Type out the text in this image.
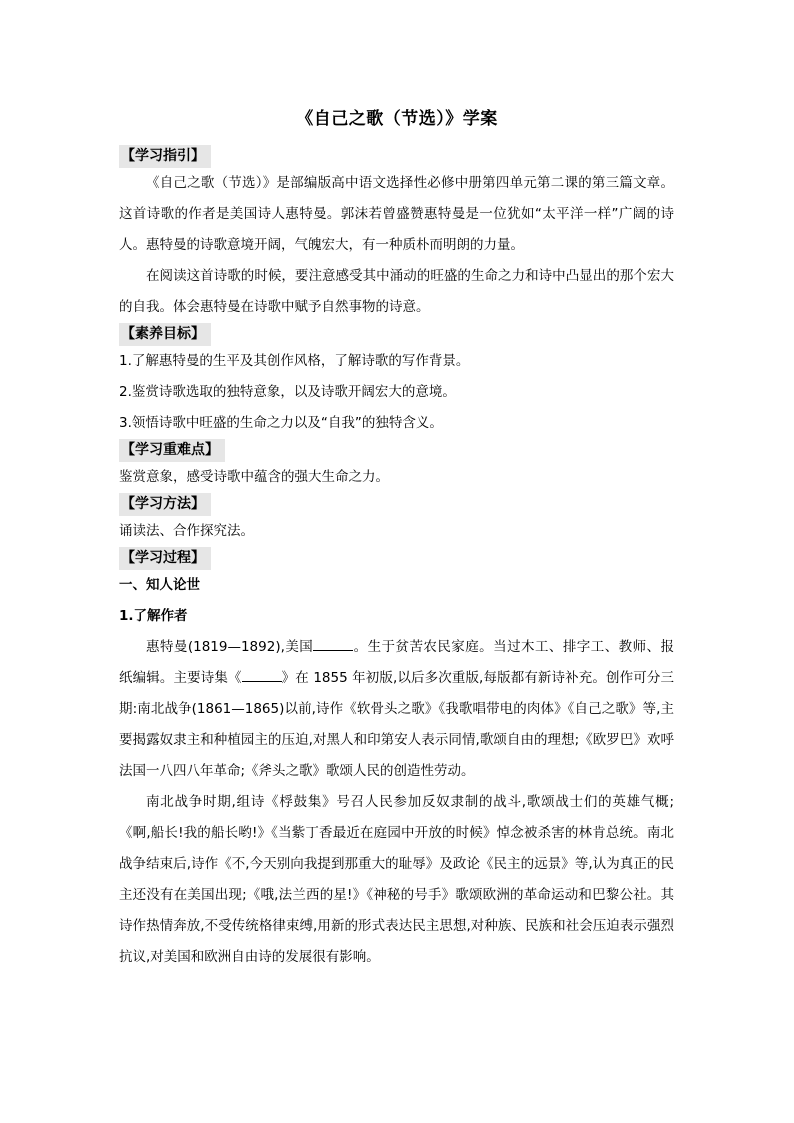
《自己之歌（节选）》学案
【学习指引】

《自己之歌（节选）》是部编版高中语文选择性必修中册第四单元第二课的第三篇文章。这首诗歌的作者是美国诗人惠特曼。郭沫若曾盛赞惠特曼是一位犹如“太平洋一样”广阔的诗人。惠特曼的诗歌意境开阔，气魄宏大，有一种质朴而明朗的力量。

在阅读这首诗歌的时候，要注意感受其中涌动的旺盛的生命之力和诗中凸显出的那个宏大的自我。体会惠特曼在诗歌中赋予自然事物的诗意。

【素养目标】

1.了解惠特曼的生平及其创作风格，了解诗歌的写作背景。

2.鉴赏诗歌选取的独特意象，以及诗歌开阔宏大的意境。

3.领悟诗歌中旺盛的生命之力以及“自我”的独特含义。

【学习重难点】

鉴赏意象，感受诗歌中蕴含的强大生命之力。

【学习方法】

诵读法、合作探究法。

【学习过程】

一、知人论世

1.了解作者

惠特曼(1819—1892),美国	。生于贫苦农民家庭。当过木工、排字工、教师、报纸编辑。主要诗集《	》在 1855 年初版,以后多次重版,每版都有新诗补充。创作可分三期:南北战争(1861—1865)以前,诗作《软骨头之歌》《我歌唱带电的肉体》《自己之歌》等,主要揭露奴隶主和种植园主的压迫,对黑人和印第安人表示同情,歌颂自由的理想;《欧罗巴》欢呼法国一八四八年革命;《斧头之歌》歌颂人民的创造性劳动。

南北战争时期,组诗《桴鼓集》号召人民参加反奴隶制的战斗,歌颂战士们的英雄气概;《啊,船长!我的船长哟!》《当紫丁香最近在庭园中开放的时候》悼念被杀害的林肯总统。南北战争结束后,诗作《不,今天别向我提到那重大的耻辱》及政论《民主的远景》等,认为真正的民主还没有在美国出现;《哦,法兰西的星!》《神秘的号手》歌颂欧洲的革命运动和巴黎公社。其诗作热情奔放,不受传统格律束缚,用新的形式表达民主思想,对种族、民族和社会压迫表示强烈抗议,对美国和欧洲自由诗的发展很有影响。
